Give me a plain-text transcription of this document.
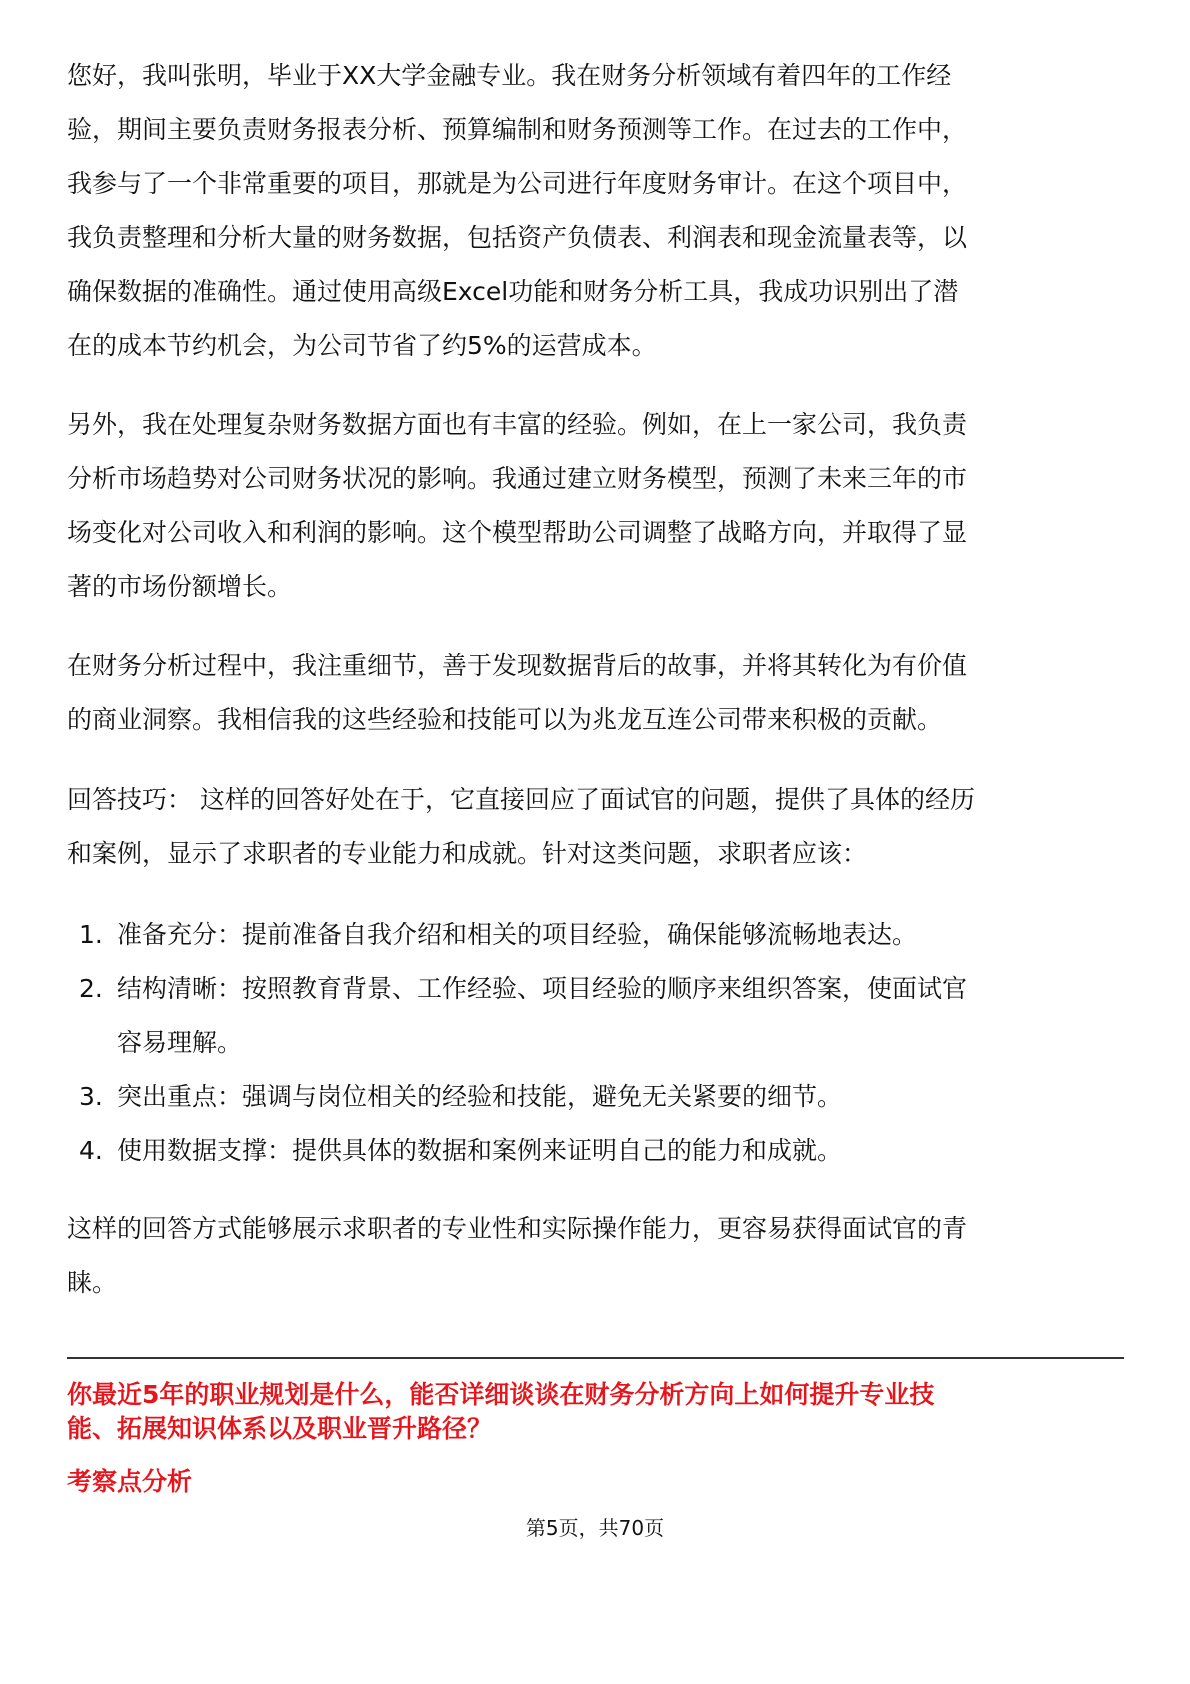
您好，我叫张明，毕业于XX大学金融专业。我在财务分析领域有着四年的工作经
验，期间主要负责财务报表分析、预算编制和财务预测等工作。在过去的工作中，
我参与了一个非常重要的项目，那就是为公司进行年度财务审计。在这个项目中，
我负责整理和分析大量的财务数据，包括资产负债表、利润表和现金流量表等，以
确保数据的准确性。通过使用高级Excel功能和财务分析工具，我成功识别出了潜
在的成本节约机会，为公司节省了约5%的运营成本。
另外，我在处理复杂财务数据方面也有丰富的经验。例如，在上一家公司，我负责
分析市场趋势对公司财务状况的影响。我通过建立财务模型，预测了未来三年的市
场变化对公司收入和利润的影响。这个模型帮助公司调整了战略方向，并取得了显
著的市场份额增长。
在财务分析过程中，我注重细节，善于发现数据背后的故事，并将其转化为有价值
的商业洞察。我相信我的这些经验和技能可以为兆龙互连公司带来积极的贡献。
回答技巧： 这样的回答好处在于，它直接回应了面试官的问题，提供了具体的经历
和案例，显示了求职者的专业能力和成就。针对这类问题，求职者应该：
1. 准备充分：提前准备自我介绍和相关的项目经验，确保能够流畅地表达。
2. 结构清晰：按照教育背景、工作经验、项目经验的顺序来组织答案，使面试官
容易理解。
3. 突出重点：强调与岗位相关的经验和技能，避免无关紧要的细节。
4. 使用数据支撑：提供具体的数据和案例来证明自己的能力和成就。
这样的回答方式能够展示求职者的专业性和实际操作能力，更容易获得面试官的青
睐。
你最近5年的职业规划是什么，能否详细谈谈在财务分析方向上如何提升专业技
能、拓展知识体系以及职业晋升路径？
考察点分析
第5页，共70页
